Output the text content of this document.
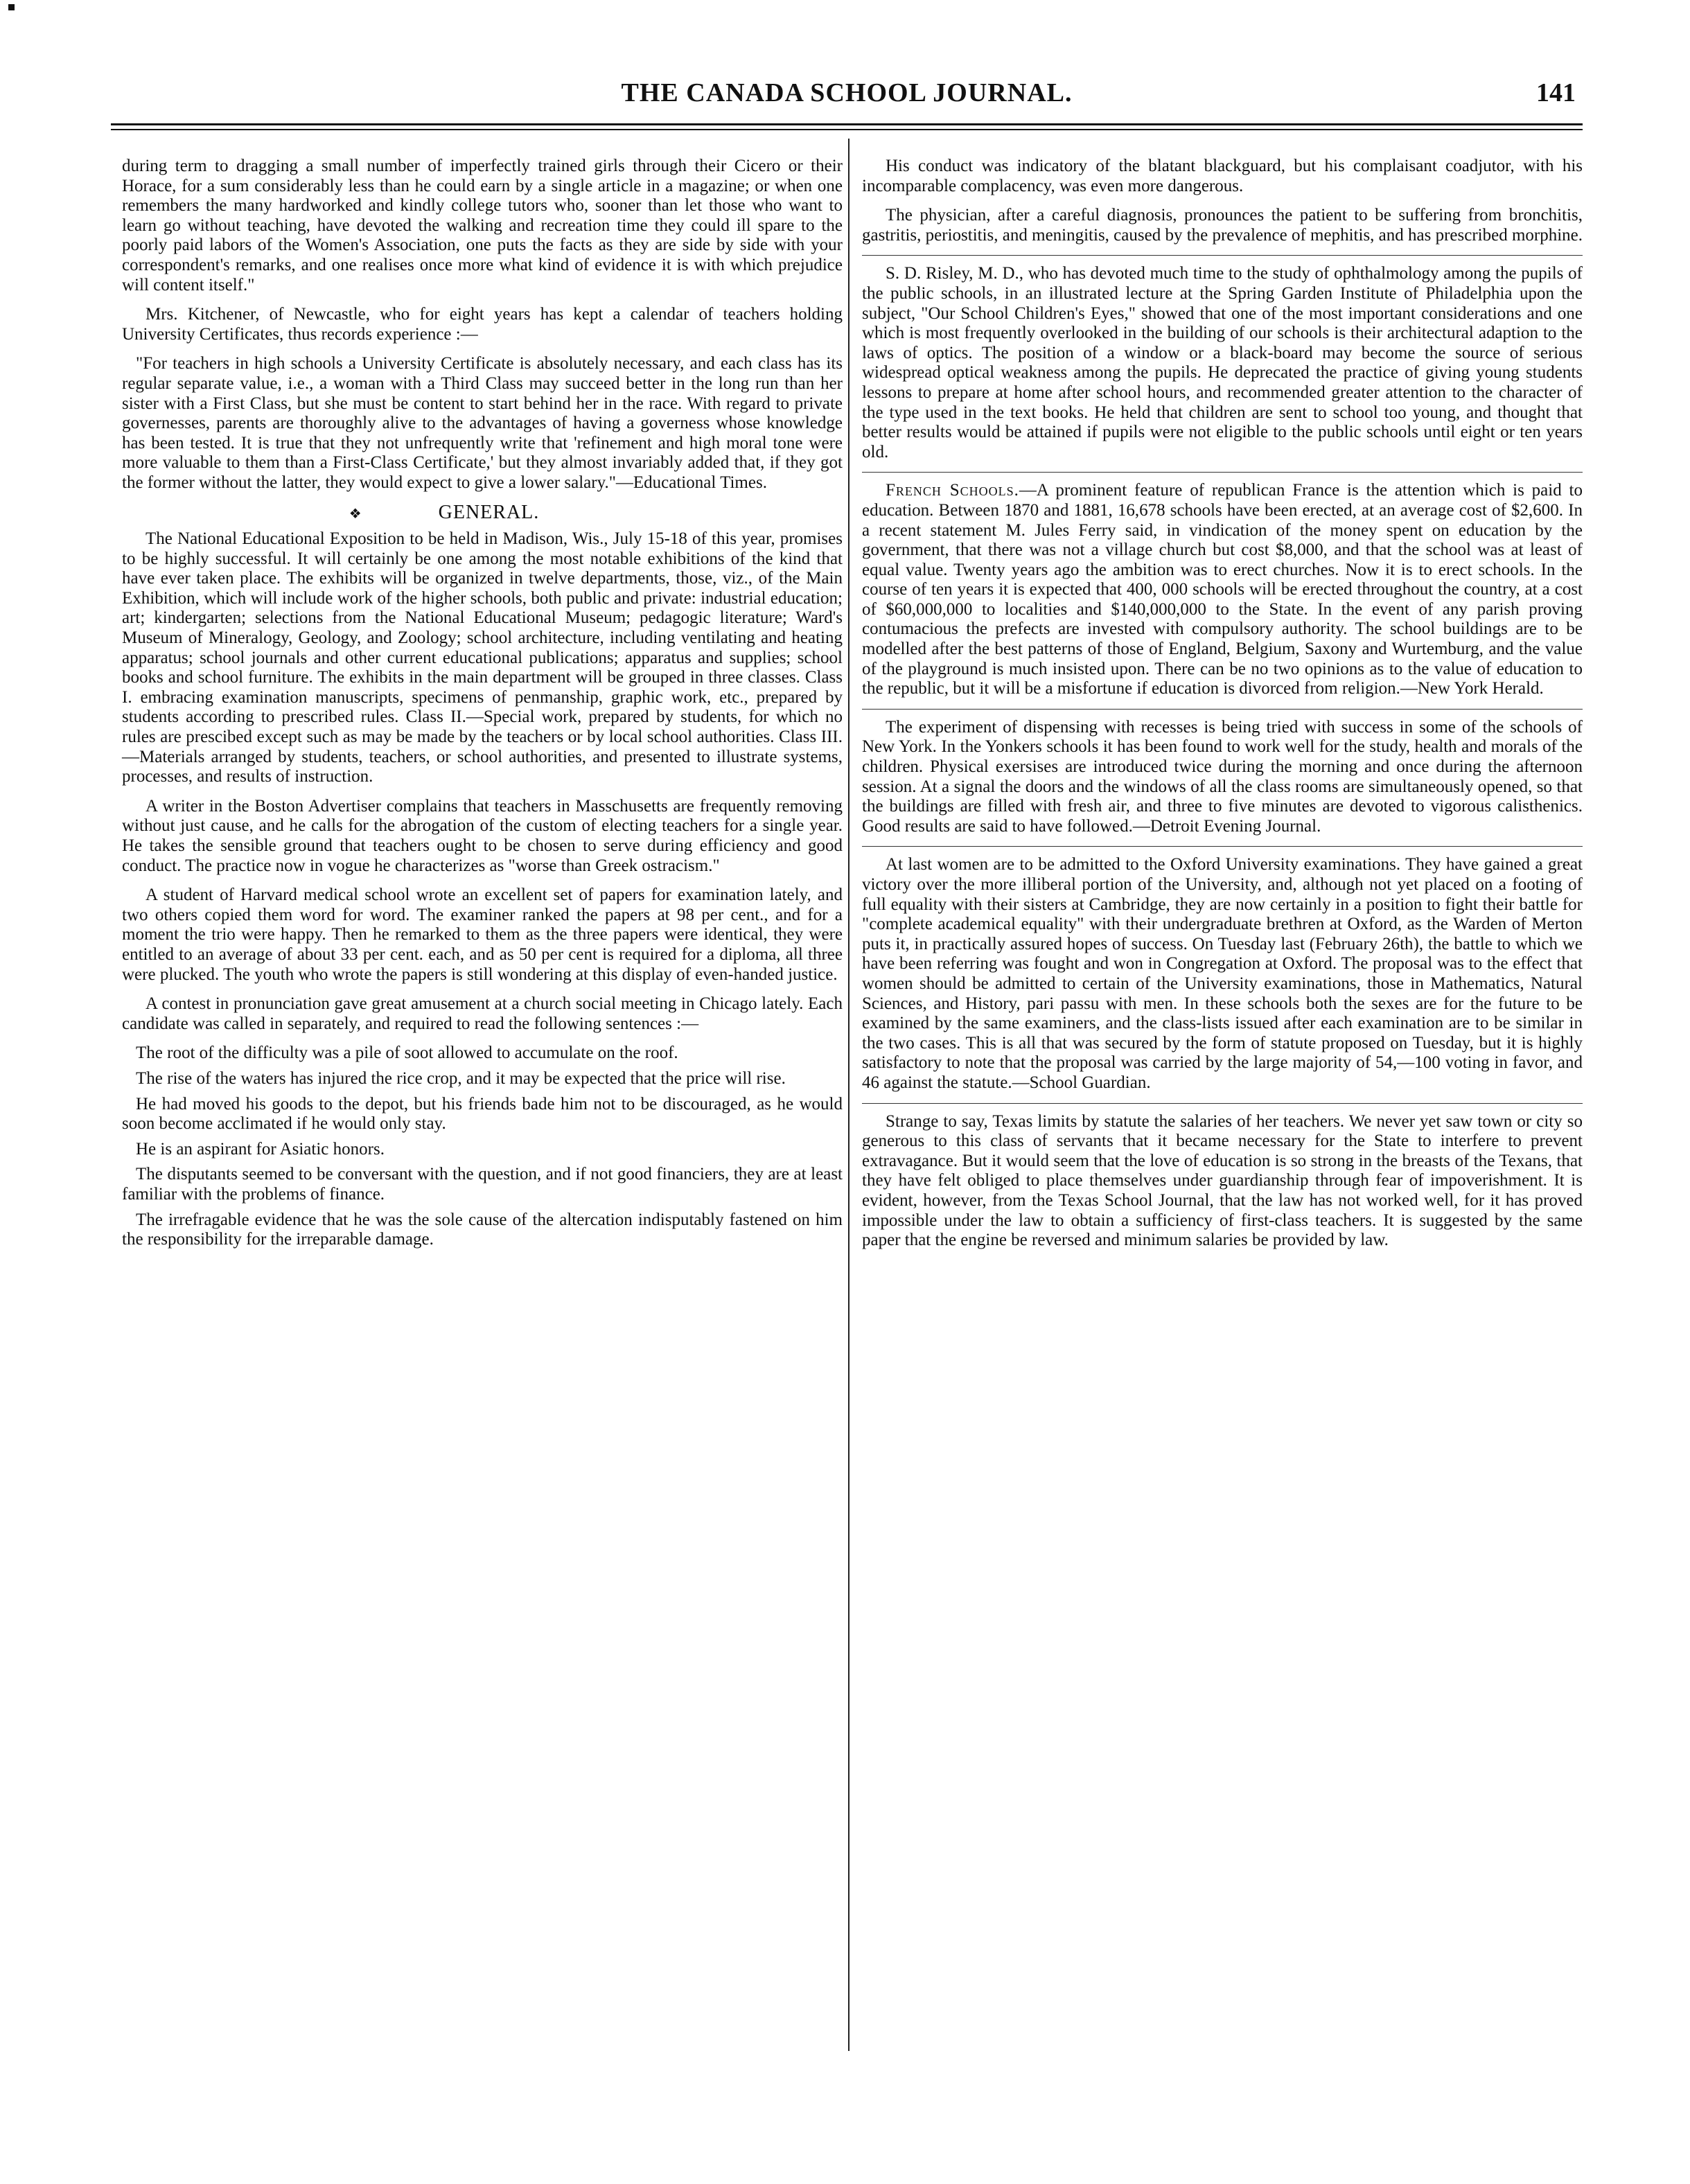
THE CANADA SCHOOL JOURNAL.	141

during term to dragging a small number of imperfectly trained girls through their Cicero or their Horace, for a sum considerably less than he could earn by a single article in a magazine; or when one remembers the many hardworked and kindly college tutors who, sooner than let those who want to learn go without teaching, have devoted the walking and recreation time they could ill spare to the poorly paid labors of the Women's Association, one puts the facts as they are side by side with your correspondent's remarks, and one realises once more what kind of evidence it is with which prejudice will content itself."

Mrs. Kitchener, of Newcastle, who for eight years has kept a calendar of teachers holding University Certificates, thus records experience :—

"For teachers in high schools a University Certificate is absolutely necessary, and each class has its regular separate value, i.e., a woman with a Third Class may succeed better in the long run than her sister with a First Class, but she must be content to start behind her in the race. With regard to private governesses, parents are thoroughly alive to the advantages of having a governess whose knowledge has been tested. It is true that they not unfrequently write that 'refinement and high moral tone were more valuable to them than a First-Class Certificate,' but they almost invariably added that, if they got the former without the latter, they would expect to give a lower salary."—Educational Times.

❖	GENERAL.

The National Educational Exposition to be held in Madison, Wis., July 15-18 of this year, promises to be highly successful. It will certainly be one among the most notable exhibitions of the kind that have ever taken place. The exhibits will be organized in twelve departments, those, viz., of the Main Exhibition, which will include work of the higher schools, both public and private: industrial education; art; kindergarten; selections from the National Educational Museum; pedagogic literature; Ward's Museum of Mineralogy, Geology, and Zoology; school architecture, including ventilating and heating apparatus; school journals and other current educational publications; apparatus and supplies; school books and school furniture. The exhibits in the main department will be grouped in three classes. Class I. embracing examination manuscripts, specimens of penmanship, graphic work, etc., prepared by students according to prescribed rules. Class II.—Special work, prepared by students, for which no rules are prescibed except such as may be made by the teachers or by local school authorities. Class III.—Materials arranged by students, teachers, or school authorities, and presented to illustrate systems, processes, and results of instruction.

A writer in the Boston Advertiser complains that teachers in Masschusetts are frequently removing without just cause, and he calls for the abrogation of the custom of electing teachers for a single year. He takes the sensible ground that teachers ought to be chosen to serve during efficiency and good conduct. The practice now in vogue he characterizes as "worse than Greek ostracism."

A student of Harvard medical school wrote an excellent set of papers for examination lately, and two others copied them word for word. The examiner ranked the papers at 98 per cent., and for a moment the trio were happy. Then he remarked to them as the three papers were identical, they were entitled to an average of about 33 per cent. each, and as 50 per cent is required for a diploma, all three were plucked. The youth who wrote the papers is still wondering at this display of even-handed justice.

A contest in pronunciation gave great amusement at a church social meeting in Chicago lately. Each candidate was called in separately, and required to read the following sentences :—

The root of the difficulty was a pile of soot allowed to accumulate on the roof.

The rise of the waters has injured the rice crop, and it may be expected that the price will rise.

He had moved his goods to the depot, but his friends bade him not to be discouraged, as he would soon become acclimated if he would only stay.

He is an aspirant for Asiatic honors.

The disputants seemed to be conversant with the question, and if not good financiers, they are at least familiar with the problems of finance.

The irrefragable evidence that he was the sole cause of the altercation indisputably fastened on him the responsibility for the irreparable damage.

His conduct was indicatory of the blatant blackguard, but his complaisant coadjutor, with his incomparable complacency, was even more dangerous.

The physician, after a careful diagnosis, pronounces the patient to be suffering from bronchitis, gastritis, periostitis, and meningitis, caused by the prevalence of mephitis, and has prescribed morphine.

S. D. Risley, M. D., who has devoted much time to the study of ophthalmology among the pupils of the public schools, in an illustrated lecture at the Spring Garden Institute of Philadelphia upon the subject, "Our School Children's Eyes," showed that one of the most important considerations and one which is most frequently overlooked in the building of our schools is their architectural adaption to the laws of optics. The position of a window or a black-board may become the source of serious widespread optical weakness among the pupils. He deprecated the practice of giving young students lessons to prepare at home after school hours, and recommended greater attention to the character of the type used in the text books. He held that children are sent to school too young, and thought that better results would be attained if pupils were not eligible to the public schools until eight or ten years old.

French Schools.—A prominent feature of republican France is the attention which is paid to education. Between 1870 and 1881, 16,678 schools have been erected, at an average cost of $2,600. In a recent statement M. Jules Ferry said, in vindication of the money spent on education by the government, that there was not a village church but cost $8,000, and that the school was at least of equal value. Twenty years ago the ambition was to erect churches. Now it is to erect schools. In the course of ten years it is expected that 400, 000 schools will be erected throughout the country, at a cost of $60,000,000 to localities and $140,000,000 to the State. In the event of any parish proving contumacious the prefects are invested with compulsory authority. The school buildings are to be modelled after the best patterns of those of England, Belgium, Saxony and Wurtemburg, and the value of the playground is much insisted upon. There can be no two opinions as to the value of education to the republic, but it will be a misfortune if education is divorced from religion.—New York Herald.

The experiment of dispensing with recesses is being tried with success in some of the schools of New York. In the Yonkers schools it has been found to work well for the study, health and morals of the children. Physical exersises are introduced twice during the morning and once during the afternoon session. At a signal the doors and the windows of all the class rooms are simultaneously opened, so that the buildings are filled with fresh air, and three to five minutes are devoted to vigorous calisthenics. Good results are said to have followed.—Detroit Evening Journal.

At last women are to be admitted to the Oxford University examinations. They have gained a great victory over the more illiberal portion of the University, and, although not yet placed on a footing of full equality with their sisters at Cambridge, they are now certainly in a position to fight their battle for "complete academical equality" with their undergraduate brethren at Oxford, as the Warden of Merton puts it, in practically assured hopes of success. On Tuesday last (February 26th), the battle to which we have been referring was fought and won in Congregation at Oxford. The proposal was to the effect that women should be admitted to certain of the University examinations, those in Mathematics, Natural Sciences, and History, pari passu with men. In these schools both the sexes are for the future to be examined by the same examiners, and the class-lists issued after each examination are to be similar in the two cases. This is all that was secured by the form of statute proposed on Tuesday, but it is highly satisfactory to note that the proposal was carried by the large majority of 54,—100 voting in favor, and 46 against the statute.—School Guardian.

Strange to say, Texas limits by statute the salaries of her teachers. We never yet saw town or city so generous to this class of servants that it became necessary for the State to interfere to prevent extravagance. But it would seem that the love of education is so strong in the breasts of the Texans, that they have felt obliged to place themselves under guardianship through fear of impoverishment. It is evident, however, from the Texas School Journal, that the law has not worked well, for it has proved impossible under the law to obtain a sufficiency of first-class teachers. It is suggested by the same paper that the engine be reversed and minimum salaries be provided by law.
